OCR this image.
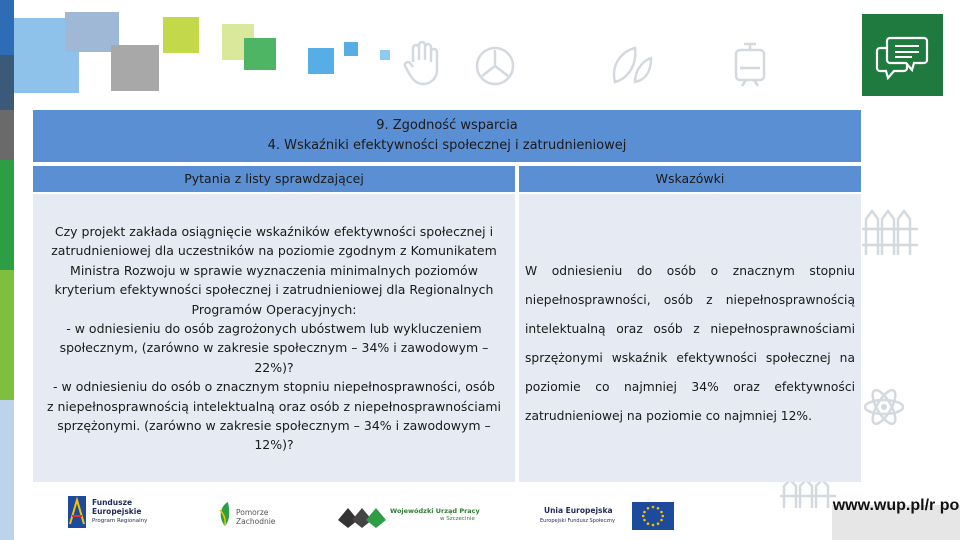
9. Zgodność wsparcia
4. Wskaźniki efektywności społecznej i zatrudnieniowej
Pytania z listy sprawdzającej	Wskazówki

Czy projekt zakłada osiągnięcie wskaźników efektywności społecznej i

zatrudnieniowej dla uczestników na poziomie zgodnym z Komunikatem

Ministra Rozwoju w sprawie wyznaczenia minimalnych poziomów

kryterium efektywności społecznej i zatrudnieniowej dla Regionalnych

Programów Operacyjnych:

- w odniesieniu do osób zagrożonych ubóstwem lub wykluczeniem

społecznym, (zarówno w zakresie społecznym – 34% i zawodowym –

22%)?

- w odniesieniu do osób o znacznym stopniu niepełnosprawności, osób

z niepełnosprawnością intelektualną oraz osób z niepełnosprawnościami

sprzężonymi. (zarówno w zakresie społecznym – 34% i zawodowym –

12%)?

W odniesieniu do osób o znacznym stopniu niepełnosprawności, osób z niepełnosprawnością intelektualną oraz osób z niepełnosprawnościami sprzężonymi wskaźnik efektywności społecznej na poziomie co najmniej 34% oraz efektywności zatrudnieniowej na poziomie co najmniej 12%.
Fundusze
Europejskie
Program Regionalny
Pomorze
Zachodnie
Wojewódzki Urząd Pracy
w Szczecinie
Unia Europejska
Europejski Fundusz Społeczny
www.wup.pl/r po
